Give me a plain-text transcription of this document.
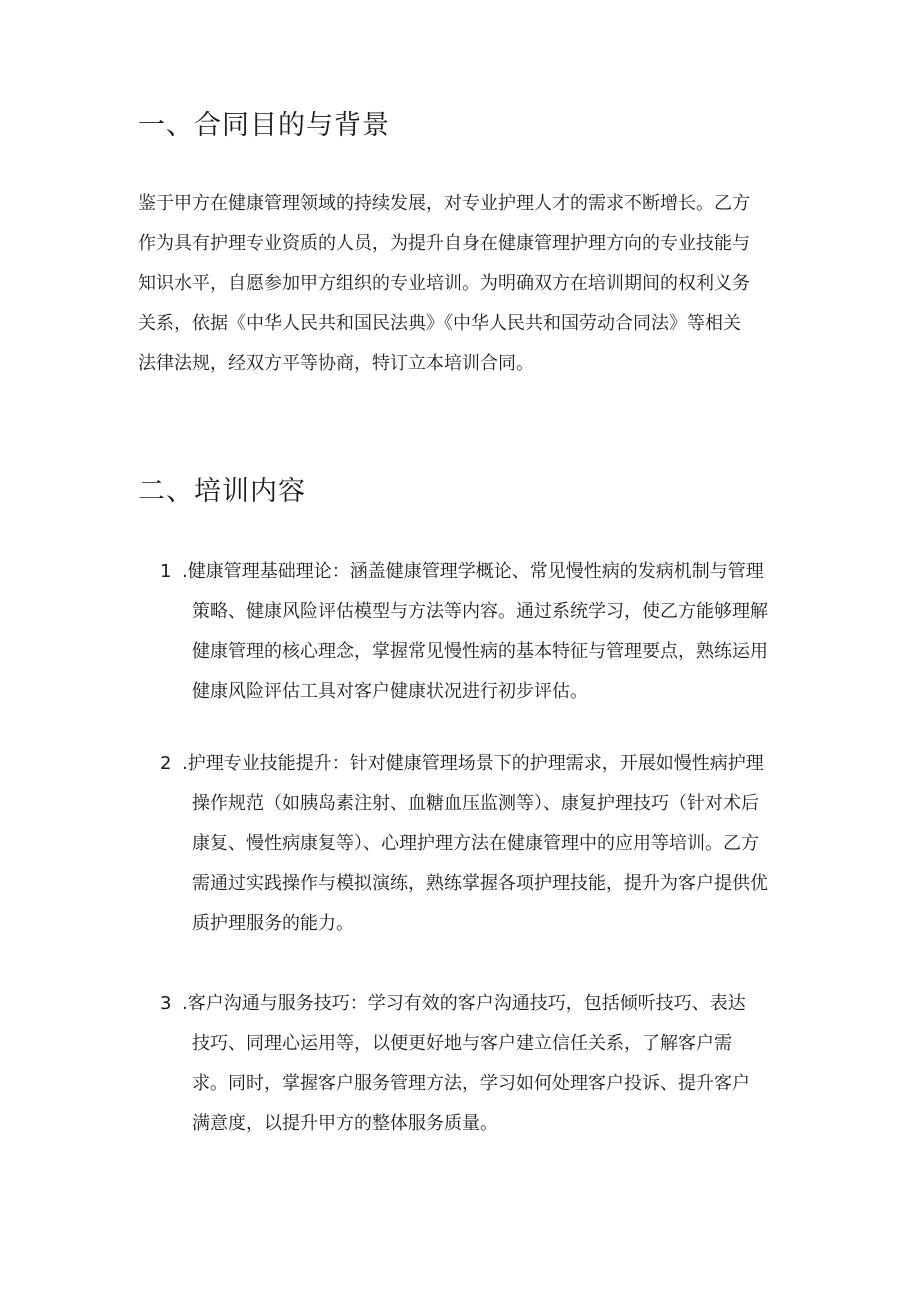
一、合同目的与背景
鉴于甲方在健康管理领域的持续发展，对专业护理人才的需求不断增长。乙方
作为具有护理专业资质的人员，为提升自身在健康管理护理方向的专业技能与
知识水平，自愿参加甲方组织的专业培训。为明确双方在培训期间的权利义务
关系，依据《中华人民共和国民法典》《中华人民共和国劳动合同法》等相关
法律法规，经双方平等协商，特订立本培训合同。
二、培训内容
1 .健康管理基础理论：涵盖健康管理学概论、常见慢性病的发病机制与管理
策略、健康风险评估模型与方法等内容。通过系统学习，使乙方能够理解
健康管理的核心理念，掌握常见慢性病的基本特征与管理要点，熟练运用
健康风险评估工具对客户健康状况进行初步评估。
2 .护理专业技能提升：针对健康管理场景下的护理需求，开展如慢性病护理
操作规范（如胰岛素注射、血糖血压监测等）、康复护理技巧（针对术后
康复、慢性病康复等）、心理护理方法在健康管理中的应用等培训。乙方
需通过实践操作与模拟演练，熟练掌握各项护理技能，提升为客户提供优
质护理服务的能力。
3 .客户沟通与服务技巧：学习有效的客户沟通技巧，包括倾听技巧、表达
技巧、同理心运用等，以便更好地与客户建立信任关系，了解客户需
求。同时，掌握客户服务管理方法，学习如何处理客户投诉、提升客户
满意度，以提升甲方的整体服务质量。
